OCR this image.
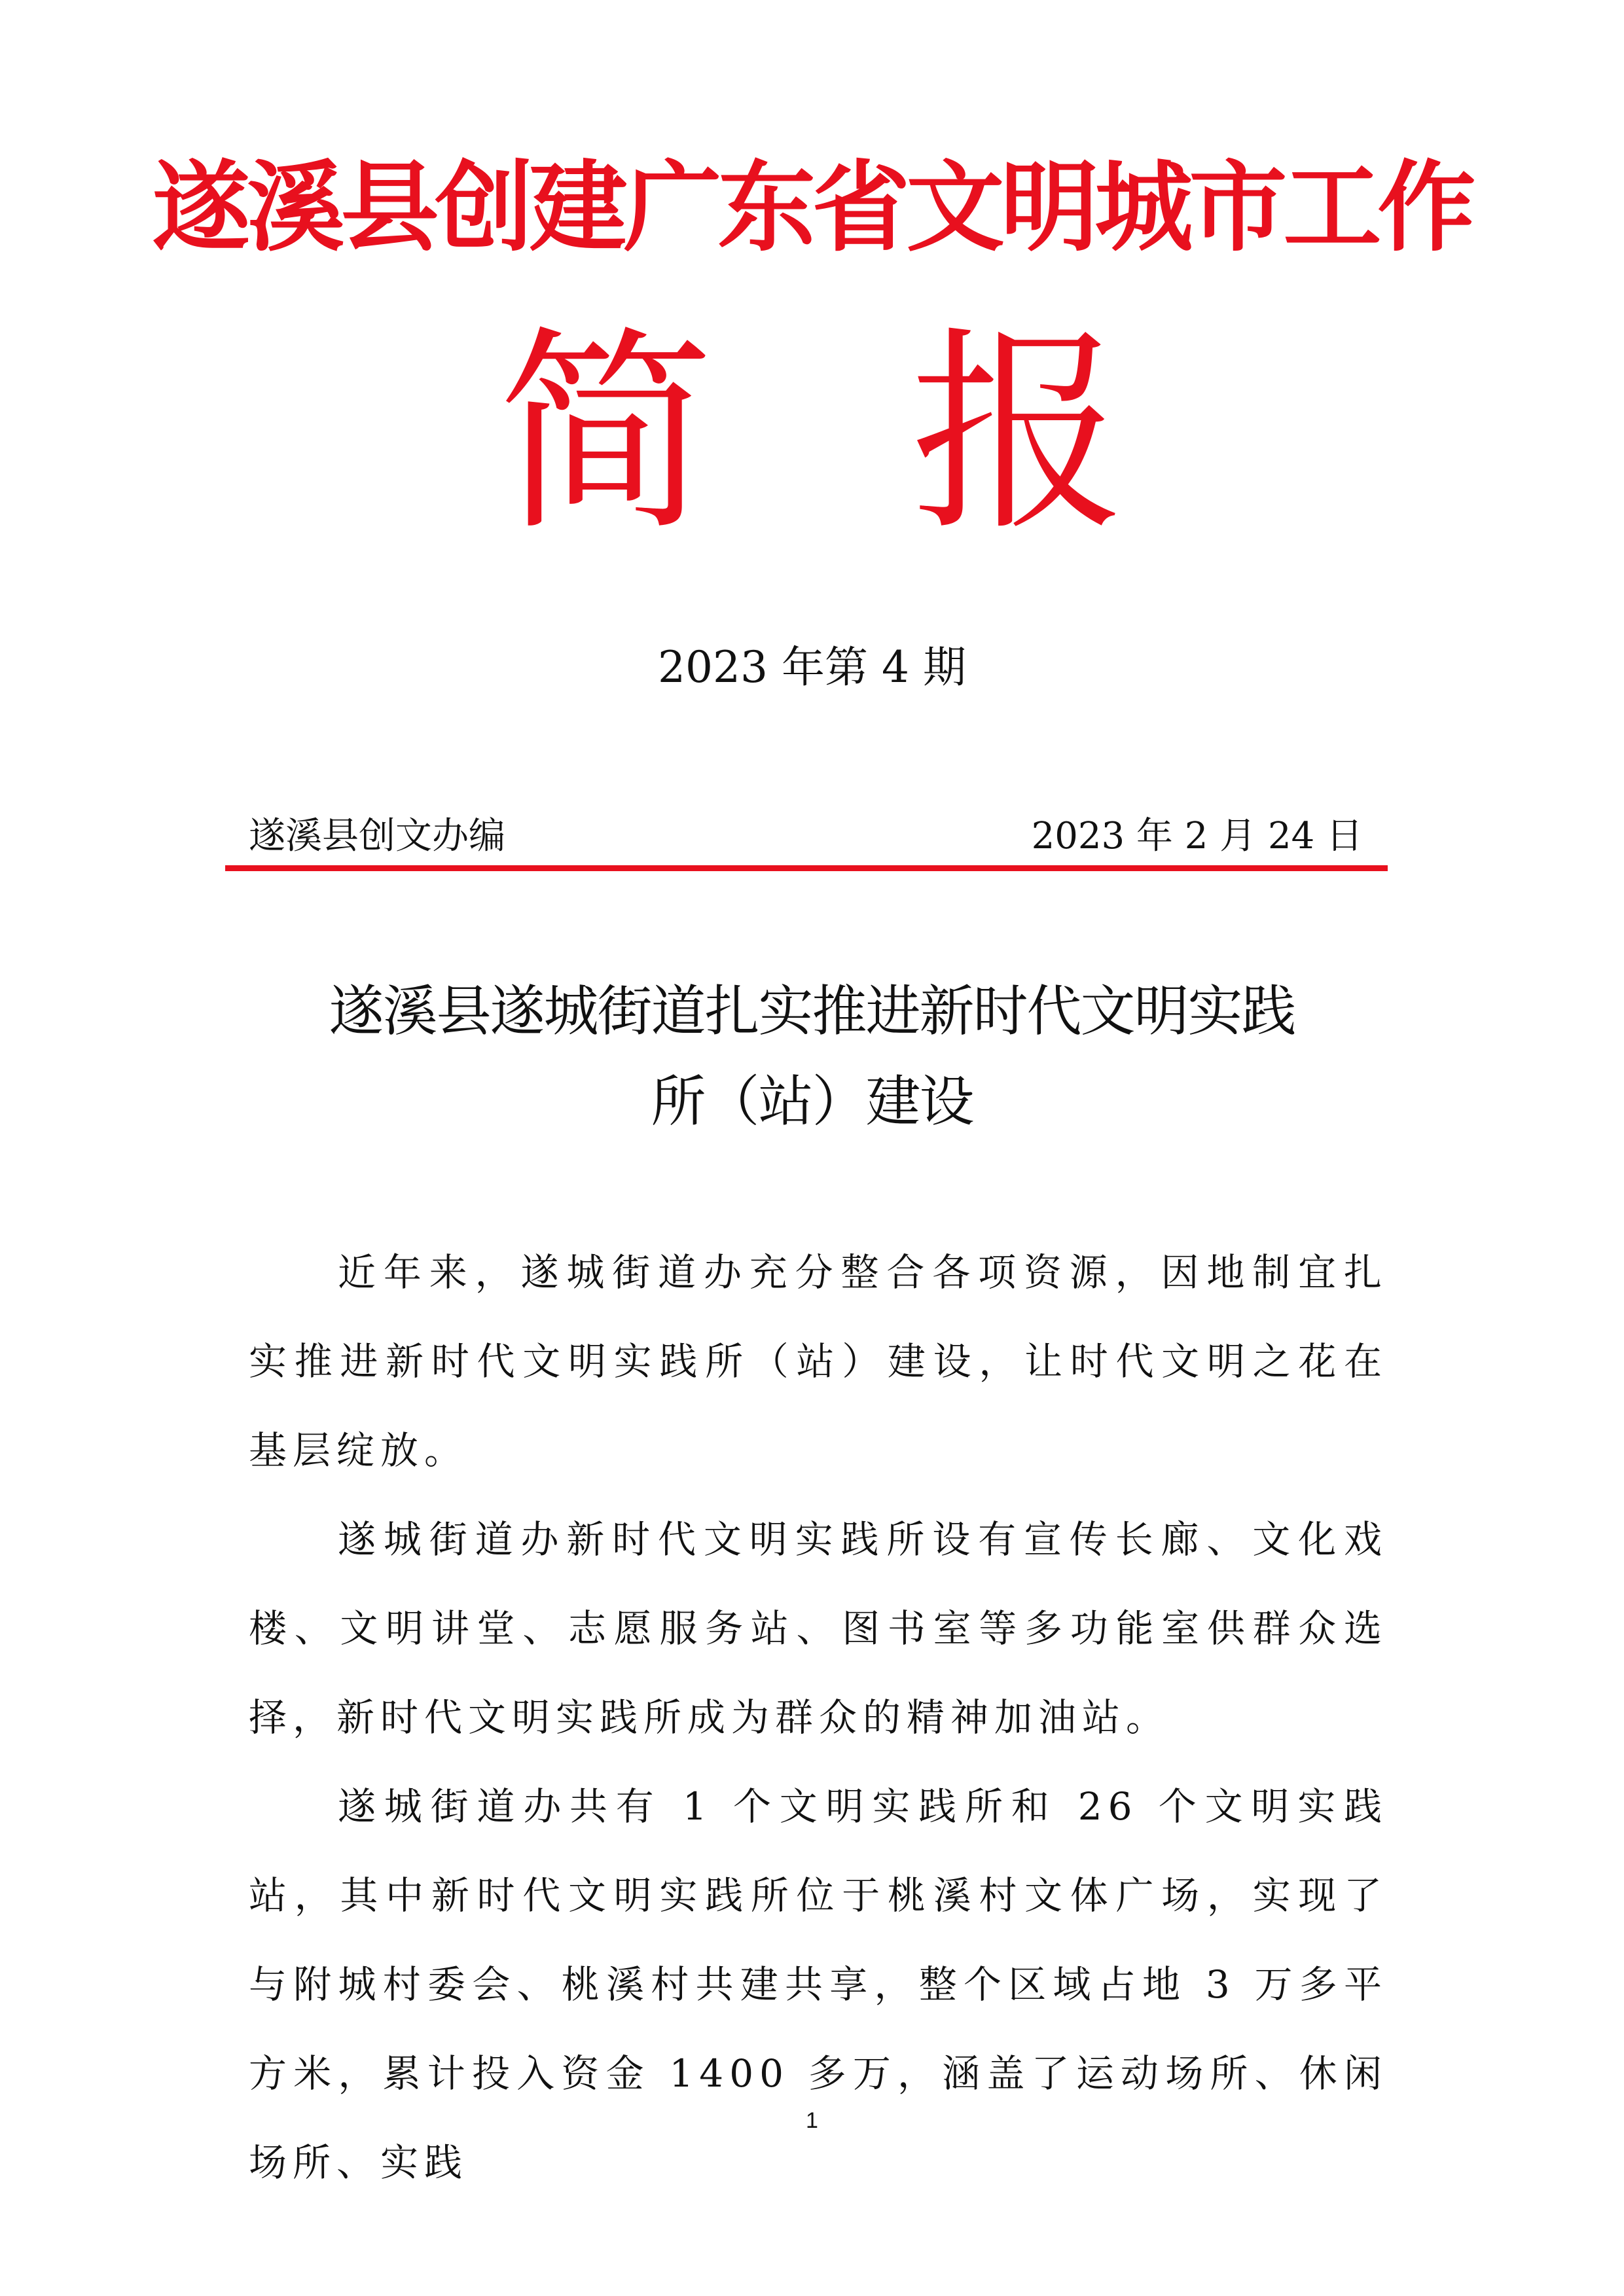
遂溪县创建广东省文明城市工作
简 报
2023 年第 4 期
遂溪县创文办编	2023 年 2 月 24 日
遂溪县遂城街道扎实推进新时代文明实践
所（站）建设

近年来，遂城街道办充分整合各项资源，因地制宜扎实推进新时代文明实践所（站）建设，让时代文明之花在基层绽放。

遂城街道办新时代文明实践所设有宣传长廊、文化戏楼、文明讲堂、志愿服务站、图书室等多功能室供群众选择，新时代文明实践所成为群众的精神加油站。

遂城街道办共有 1 个文明实践所和 26 个文明实践站，其中新时代文明实践所位于桃溪村文体广场，实现了与附城村委会、桃溪村共建共享，整个区域占地 3 万多平方米，累计投入资金 1400 多万，涵盖了运动场所、休闲场所、实践

1
